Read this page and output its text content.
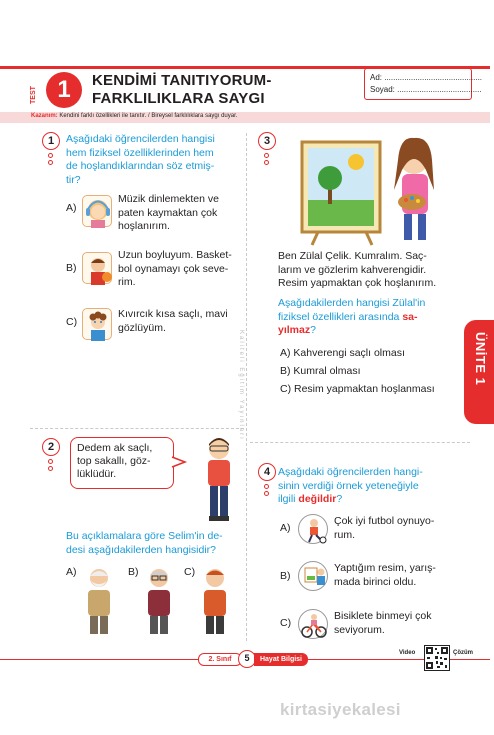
TEST 1	KENDİMİ TANITIYORUM-
FARKLILIKLARA SAYGI
Ad: ............................................
Soyad: ......................................
Kazanım: Kendini farklı özellikleri ile tanıtır. / Bireysel farklılıklara saygı duyar.
Kaliteli Eğitim Yayınları
1	Aşağıdaki öğrencilerden hangisi
hem fiziksel özelliklerinden hem
de hoşlandıklarından söz etmiş-
tir?
A)
Müzik dinlemekten ve
paten kaymaktan çok
hoşlanırım.
B)
Uzun boyluyum. Basket-
bol oynamayı çok seve-
rim.
C)
Kıvırcık kısa saçlı, mavi
gözlüyüm.
2	Dedem ak saçlı,
top sakallı, göz-
lüklüdür.
Bu açıklamalara göre Selim'in de-
desi aşağıdakilerden hangisidir?
A)	B)	C)
3
Ben Zülal Çelik. Kumralım. Saç-
larım ve gözlerim kahverengidir.
Resim yapmaktan çok hoşlanırım.
Aşağıdakilerden hangisi Zülal'in
fiziksel özellikleri arasında sa-
yılmaz?
A) Kahverengi saçlı olması
B) Kumral olması
C) Resim yapmaktan hoşlanması
4 Aşağıdaki öğrencilerden hangi-
sinin verdiği örnek yeteneğiyle
ilgili değildir?
A)
Çok iyi futbol oynuyo-
rum.
B)
Yaptığım resim, yarış-
mada birinci oldu.
C)
Bisiklete binmeyi çok
seviyorum.
ÜNİTE 1
2. Sınıf	5	Hayat Bilgisi
Video	Çözüm
kirtasiyekalesi
